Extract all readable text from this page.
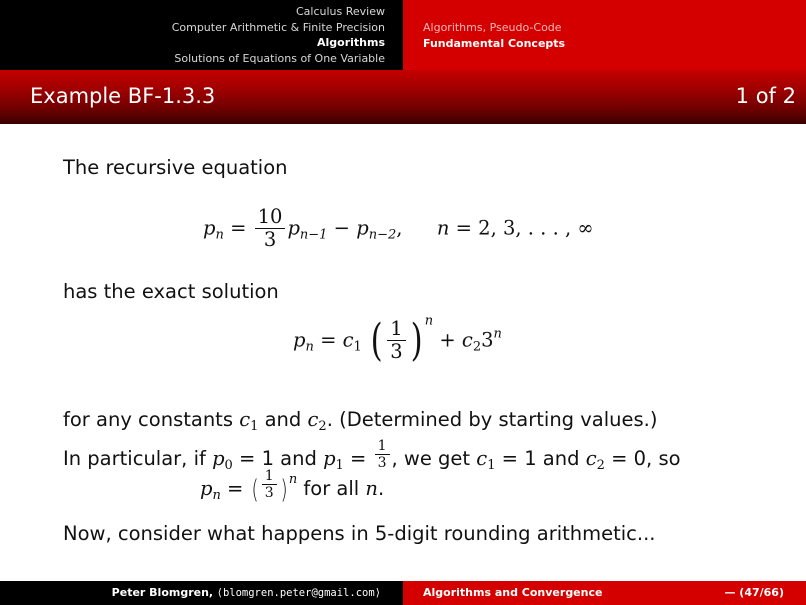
Calculus Review
Computer Arithmetic & Finite Precision
Algorithms
Solutions of Equations of One Variable
Algorithms, Pseudo-Code
Fundamental Concepts
Example BF-1.3.3	1 of 2
The recursive equation
$p_n = \frac{10}{3} p_{n-1} - p_{n-2}$, n = 2, 3, . . . , ∞
has the exact solution
$p_n = c_1$ ( $\frac{1}{3}$ ) $^n + c_23^n$
for any constants $c_1$ and $c_2$. (Determined by starting values.)
In particular, if $p_0 = 1$ and $p_1 = \frac{1}{3}$ , we get $c_1 = 1$ and $c_2 = 0$, so
$p_n$ = ( $\frac{1}{3}$ ) $^n$ for all n.
Now, consider what happens in 5-digit rounding arithmetic...
Peter Blomgren, ⟨blomgren.peter@gmail.com⟩	Algorithms and Convergence	— (47/66)
